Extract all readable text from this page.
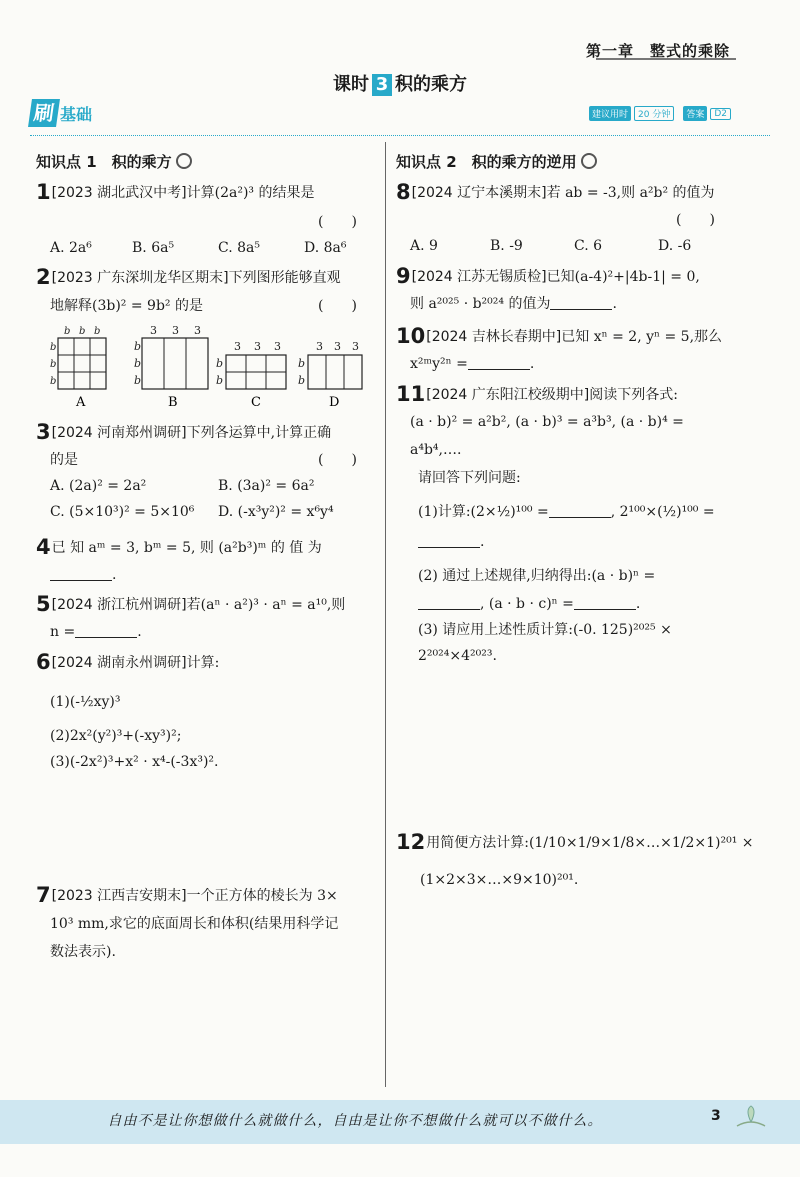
第一章　整式的乘除
课时 3 积的乘方
刷 基础	建议用时	20 分钟	答案	D2
知识点 1　积的乘方
1[2023 湖北武汉中考]计算(2a²)³ 的结果是
(　　)
A. 2a⁶	B. 6a⁵	C. 8a⁵	D. 8a⁶
2[2023 广东深圳龙华区期末]下列图形能够直观
地解释(3b)² = 9b² 的是	(　　)
b b b
b
b
b
A
3 3 3
b
b
b
B
3 3 3
b
b
C
3 3 3
b
b
D
3[2024 河南郑州调研]下列各运算中,计算正确
的是	(　　)
A. (2a)² = 2a²	B. (3a)² = 6a²
C. (5×10³)² = 5×10⁶ D. (-x³y²)² = x⁶y⁴
4已 知 aᵐ = 3, bᵐ = 5, 则 (a²b³)ᵐ 的 值 为
.
5[2024 浙江杭州调研]若(aⁿ · a²)³ · aⁿ = a¹⁰,则
n =	.
6[2024 湖南永州调研]计算:
(1)(-½xy)³
(2)2x²(y²)³+(-xy³)²;
(3)(-2x²)³+x² · x⁴-(-3x³)².
7[2023 江西吉安期末]一个正方体的棱长为 3×
10³ mm,求它的底面周长和体积(结果用科学记
数法表示).
知识点 2　积的乘方的逆用
8[2024 辽宁本溪期末]若 ab = -3,则 a²b² 的值为
(　　)
A. 9	B. -9	C. 6	D. -6
9[2024 江苏无锡质检]已知(a-4)²+|4b-1| = 0,
则 a²⁰²⁵ · b²⁰²⁴ 的值为	.
10[2024 吉林长春期中]已知 xⁿ = 2, yⁿ = 5,那么
x²ᵐy²ⁿ =	.
11[2024 广东阳江校级期中]阅读下列各式:
(a · b)² = a²b², (a · b)³ = a³b³, (a · b)⁴ =
a⁴b⁴,….
请回答下列问题:
(1)计算:(2×½)¹⁰⁰ =	, 2¹⁰⁰×(½)¹⁰⁰ =
.
(2) 通过上述规律,归纳得出:(a · b)ⁿ =
, (a · b · c)ⁿ =	.
(3) 请应用上述性质计算:(-0. 125)²⁰²⁵ ×
2²⁰²⁴×4²⁰²³.
12用简便方法计算:(1/10×1/9×1/8×…×1/2×1)²⁰¹ ×
(1×2×3×…×9×10)²⁰¹.
自由不是让你想做什么就做什么，自由是让你不想做什么就可以不做什么。	3
